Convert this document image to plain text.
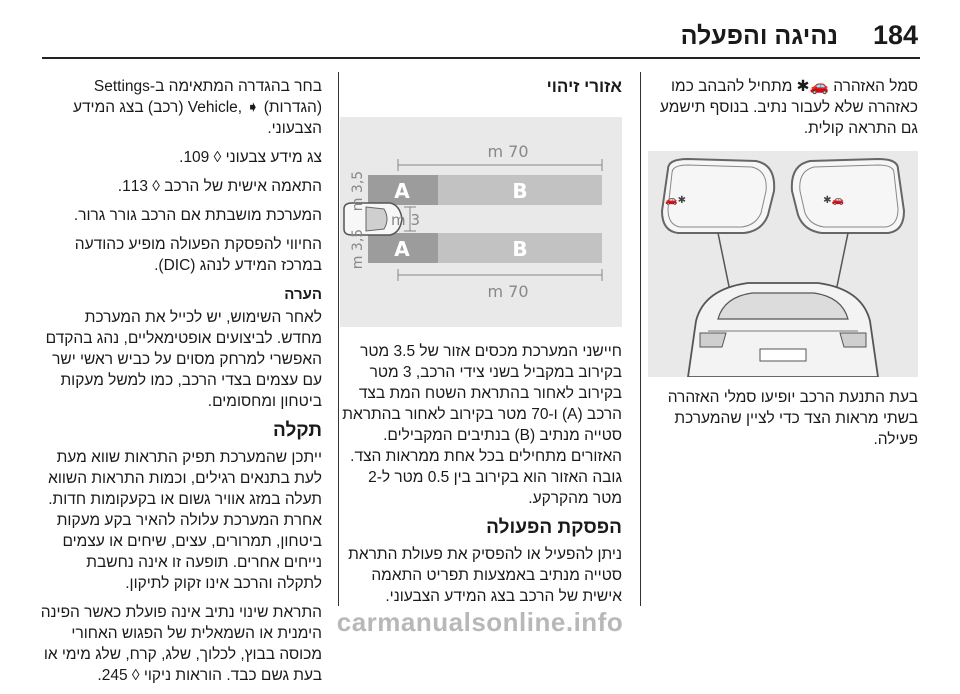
184
נהיגה והפעלה

סמל האזהרה 🚗✱ מתחיל להבהב כמו כאזהרה שלא לעבור נתיב. בנוסף תישמע גם התראה קולית.

✱🚗	🚗✱

בעת התנעת הרכב יופיעו סמלי האזהרה בשתי מראות הצד כדי לציין שהמערכת פעילה.

אזורי זיהוי
70 m
A	B
A	B
70 m
3 m
3,5 m
3,5 m

חיישני המערכת מכסים אזור של 3.5 מטר בקירוב במקביל בשני צידי הרכב, 3 מטר בקירוב לאחור בהתראת השטח המת בצד הרכב (A) ו-70 מטר בקירוב לאחור בהתראת סטייה מנתיב (B) בנתיבים המקבילים. האזורים מתחילים בכל אחת ממראות הצד. גובה האזור הוא בקירוב בין 0.5 מטר ל-2 מטר מהקרקע.

הפסקת הפעולה

ניתן להפעיל או להפסיק את פעולת התראת סטייה מנתיב באמצעות תפריט התאמה אישית של הרכב בצג המידע הצבעוני.

בחר בהגדרה המתאימה ב-Settings (הגדרות) ➧ ,Vehicle (רכב) בצג המידע הצבעוני.

צג מידע צבעוני ◊ 109.

התאמה אישית של הרכב ◊ 113.

המערכת מושבתת אם הרכב גורר גרור.

החיווי להפסקת הפעולה מופיע כהודעה במרכז המידע לנהג (DIC).

הערה

לאחר השימוש, יש לכייל את המערכת מחדש. לביצועים אופטימאליים, נהג בהקדם האפשרי למרחק מסוים על כביש ראשי ישר עם עצמים בצדי הרכב, כמו למשל מעקות ביטחון ומחסומים.

תקלה

ייתכן שהמערכת תפיק התראות שווא מעת לעת בתנאים רגילים, וכמות התראות השווא תעלה במזג אוויר גשום או בקעקומות חדות. אחרת המערכת עלולה להאיר בקע מעקות ביטחון, תמרורים, עצים, שיחים או עצמים נייחים אחרים. תופעה זו אינה נחשבת לתקלה והרכב אינו זקוק לתיקון.

התראת שינוי נתיב אינה פועלת כאשר הפינה הימנית או השמאלית של הפגוש האחורי מכוסה בבוץ, לכלוך, שלג, קרח, שלג מימי או בעת גשם כבד. הוראות ניקוי ◊ 245.

carmanualsonline.info
